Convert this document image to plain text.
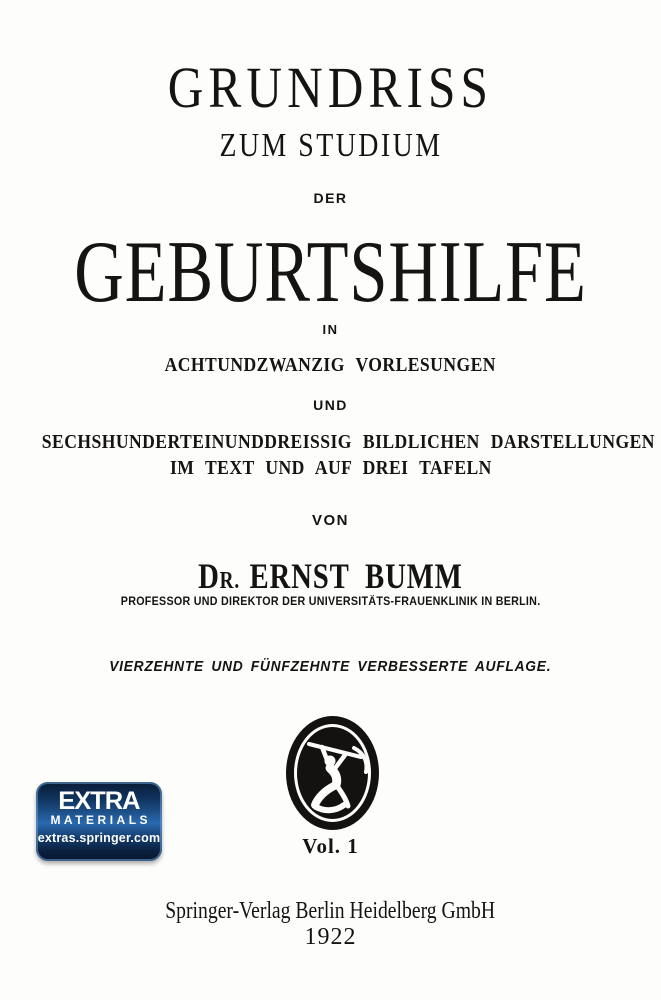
GRUNDRISS
ZUM STUDIUM
DER
GEBURTSHILFE
IN
ACHTUNDZWANZIG VORLESUNGEN
UND
SECHSHUNDERTEINUNDDREISSIG BILDLICHEN DARSTELLUNGEN
IM TEXT UND AUF DREI TAFELN
VON
DR. ERNST BUMM
PROFESSOR UND DIREKTOR DER UNIVERSITÄTS-FRAUENKLINIK IN BERLIN.
VIERZEHNTE UND FÜNFZEHNTE VERBESSERTE AUFLAGE.
Vol. 1
EXTRA
MATERIALS
extras.springer.com
Springer-Verlag Berlin Heidelberg GmbH
1922
